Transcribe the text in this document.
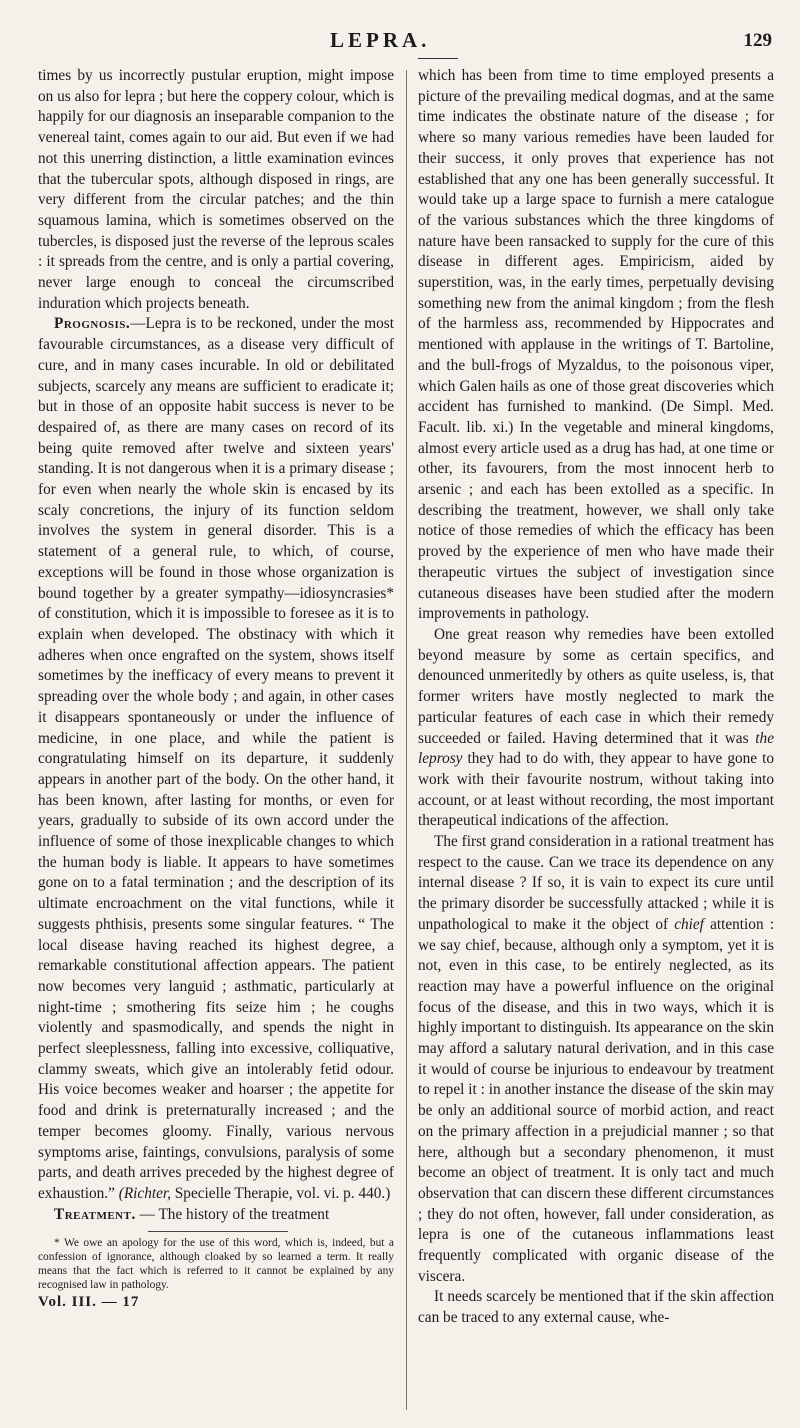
LEPRA.	129

times by us incorrectly pustular eruption, might impose on us also for lepra ; but here the coppery colour, which is happily for our diagnosis an inseparable companion to the venereal taint, comes again to our aid. But even if we had not this unerring distinction, a little examination evinces that the tubercular spots, although disposed in rings, are very different from the circular patches; and the thin squamous lamina, which is sometimes observed on the tubercles, is disposed just the reverse of the leprous scales : it spreads from the centre, and is only a partial covering, never large enough to conceal the circumscribed induration which projects beneath.

Prognosis.—Lepra is to be reckoned, under the most favourable circumstances, as a disease very difficult of cure, and in many cases incurable. In old or debilitated subjects, scarcely any means are sufficient to eradicate it; but in those of an opposite habit success is never to be despaired of, as there are many cases on record of its being quite removed after twelve and sixteen years' standing. It is not dangerous when it is a primary disease ; for even when nearly the whole skin is encased by its scaly concretions, the injury of its function seldom involves the system in general disorder. This is a statement of a general rule, to which, of course, exceptions will be found in those whose organization is bound together by a greater sympathy—idiosyncrasies* of constitution, which it is impossible to foresee as it is to explain when developed. The obstinacy with which it adheres when once engrafted on the system, shows itself sometimes by the inefficacy of every means to prevent it spreading over the whole body ; and again, in other cases it disappears spontaneously or under the influence of medicine, in one place, and while the patient is congratulating himself on its departure, it suddenly appears in another part of the body. On the other hand, it has been known, after lasting for months, or even for years, gradually to subside of its own accord under the influence of some of those inexplicable changes to which the human body is liable. It appears to have sometimes gone on to a fatal termination ; and the description of its ultimate encroachment on the vital functions, while it suggests phthisis, presents some singular features. “ The local disease having reached its highest degree, a remarkable constitutional affection appears. The patient now becomes very languid ; asthmatic, particularly at night-time ; smothering fits seize him ; he coughs violently and spasmodically, and spends the night in perfect sleeplessness, falling into excessive, colliquative, clammy sweats, which give an intolerably fetid odour. His voice becomes weaker and hoarser ; the appetite for food and drink is preternaturally increased ; and the temper becomes gloomy. Finally, various nervous symptoms arise, faintings, convulsions, paralysis of some parts, and death arrives preceded by the highest degree of exhaustion.” (Richter, Specielle Therapie, vol. vi. p. 440.)

Treatment. — The history of the treatment

* We owe an apology for the use of this word, which is, indeed, but a confession of ignorance, although cloaked by so learned a term. It really means that the fact which is referred to it cannot be explained by any recognised law in pathology.

Vol. III. — 17

which has been from time to time employed presents a picture of the prevailing medical dogmas, and at the same time indicates the obstinate nature of the disease ; for where so many various remedies have been lauded for their success, it only proves that experience has not established that any one has been generally successful. It would take up a large space to furnish a mere catalogue of the various substances which the three kingdoms of nature have been ransacked to supply for the cure of this disease in different ages. Empiricism, aided by superstition, was, in the early times, perpetually devising something new from the animal kingdom ; from the flesh of the harmless ass, recommended by Hippocrates and mentioned with applause in the writings of T. Bartoline, and the bull-frogs of Myzaldus, to the poisonous viper, which Galen hails as one of those great discoveries which accident has furnished to mankind. (De Simpl. Med. Facult. lib. xi.) In the vegetable and mineral kingdoms, almost every article used as a drug has had, at one time or other, its favourers, from the most innocent herb to arsenic ; and each has been extolled as a specific. In describing the treatment, however, we shall only take notice of those remedies of which the efficacy has been proved by the experience of men who have made their therapeutic virtues the subject of investigation since cutaneous diseases have been studied after the modern improvements in pathology.

One great reason why remedies have been extolled beyond measure by some as certain specifics, and denounced unmeritedly by others as quite useless, is, that former writers have mostly neglected to mark the particular features of each case in which their remedy succeeded or failed. Having determined that it was the leprosy they had to do with, they appear to have gone to work with their favourite nostrum, without taking into account, or at least without recording, the most important therapeutical indications of the affection.

The first grand consideration in a rational treatment has respect to the cause. Can we trace its dependence on any internal disease ? If so, it is vain to expect its cure until the primary disorder be successfully attacked ; while it is unpathological to make it the object of chief attention : we say chief, because, although only a symptom, yet it is not, even in this case, to be entirely neglected, as its reaction may have a powerful influence on the original focus of the disease, and this in two ways, which it is highly important to distinguish. Its appearance on the skin may afford a salutary natural derivation, and in this case it would of course be injurious to endeavour by treatment to repel it : in another instance the disease of the skin may be only an additional source of morbid action, and react on the primary affection in a prejudicial manner ; so that here, although but a secondary phenomenon, it must become an object of treatment. It is only tact and much observation that can discern these different circumstances ; they do not often, however, fall under consideration, as lepra is one of the cutaneous inflammations least frequently complicated with organic disease of the viscera.

It needs scarcely be mentioned that if the skin affection can be traced to any external cause, whe-
